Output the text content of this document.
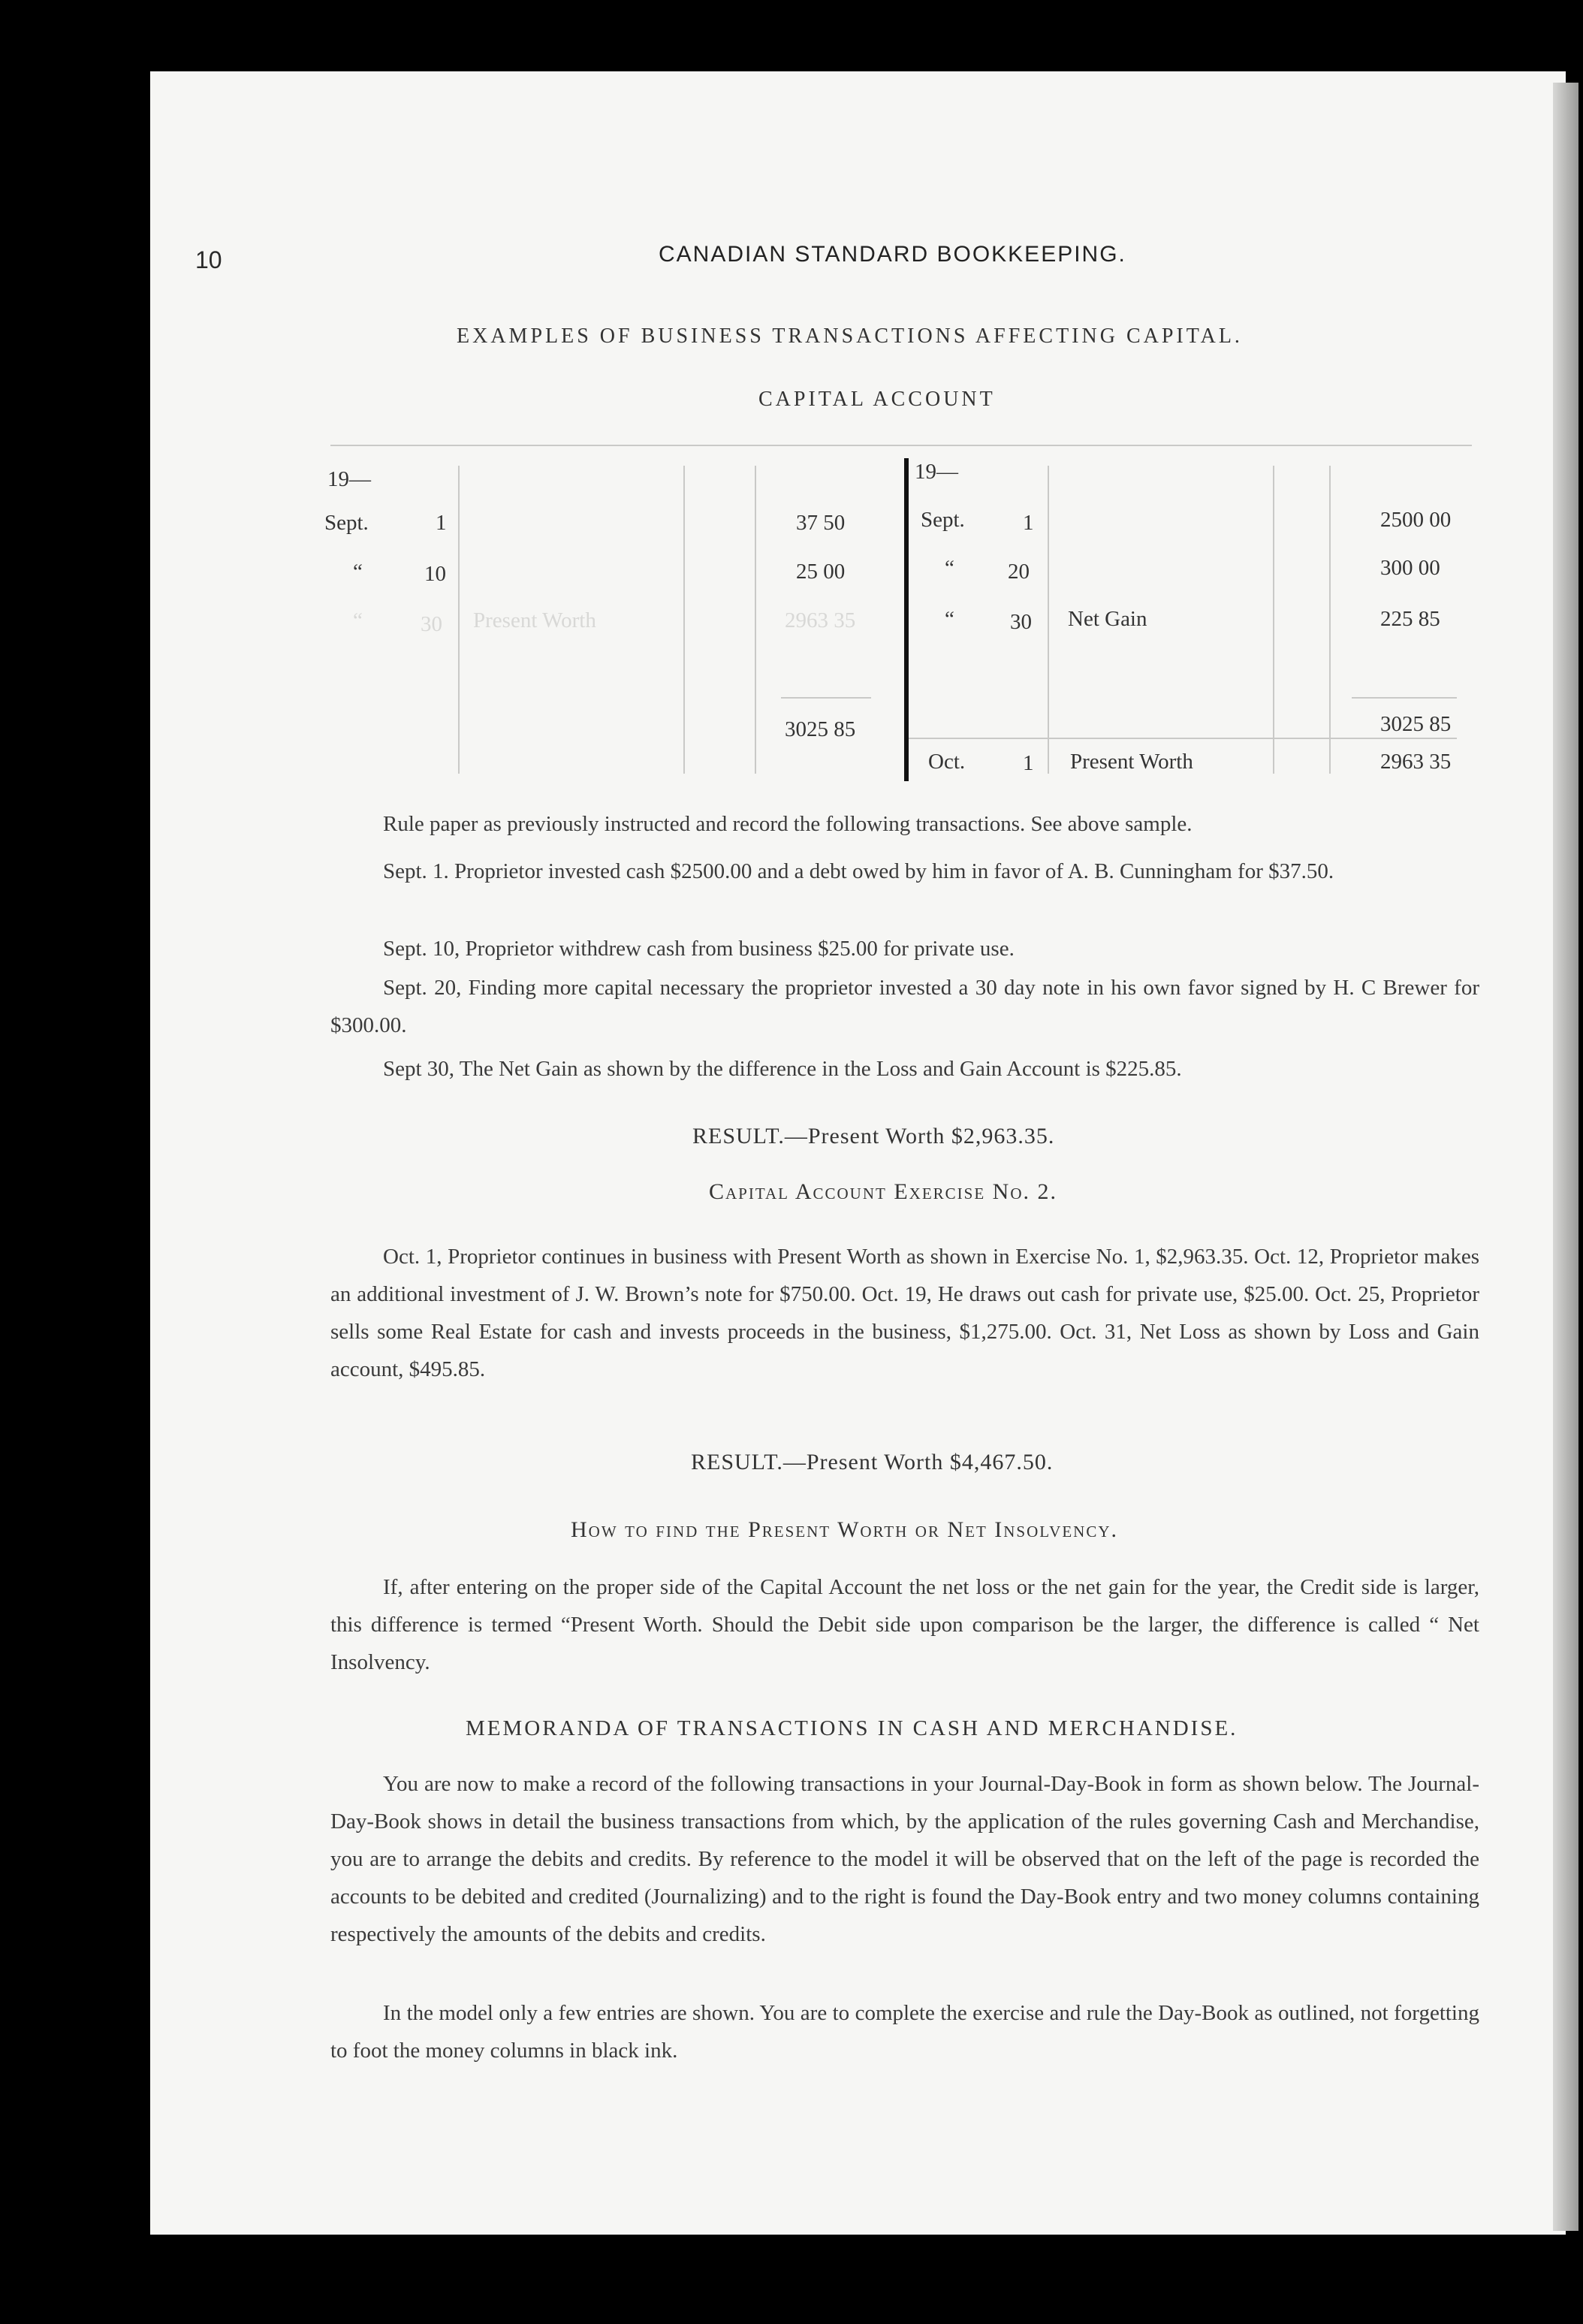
10	CANADIAN STANDARD BOOKKEEPING.
EXAMPLES OF BUSINESS TRANSACTIONS AFFECTING CAPITAL.
CAPITAL ACCOUNT
19—	19—
Sept.	1	37 50
“	10	25 00
“	30 Present Worth	2963 35
3025 85
Sept.	1	2500 00
“ 20	300 00
“	30 Net Gain	225 85
3025 85
Oct.	1 Present Worth	2963 35
Rule paper as previously instructed and record the following transactions. See above sample.
Sept. 1. Proprietor invested cash $2500.00 and a debt owed by him in favor of A. B. Cunningham for $37.50.
Sept. 10, Proprietor withdrew cash from business $25.00 for private use.
Sept. 20, Finding more capital necessary the proprietor invested a 30 day note in his own favor signed by H. C Brewer for $300.00.
Sept 30, The Net Gain as shown by the difference in the Loss and Gain Account is $225.85.
RESULT.—Present Worth $2,963.35.
Capital Account Exercise No. 2.
Oct. 1, Proprietor continues in business with Present Worth as shown in Exercise No. 1, $2,963.35. Oct. 12, Proprietor makes an additional investment of J. W. Brown’s note for $750.00. Oct. 19, He draws out cash for private use, $25.00. Oct. 25, Proprietor sells some Real Estate for cash and invests proceeds in the business, $1,275.00. Oct. 31, Net Loss as shown by Loss and Gain account, $495.85.
RESULT.—Present Worth $4,467.50.
How to find the Present Worth or Net Insolvency.
If, after entering on the proper side of the Capital Account the net loss or the net gain for the year, the Credit side is larger, this difference is termed “Present Worth. Should the Debit side upon comparison be the larger, the difference is called “ Net Insolvency.
MEMORANDA OF TRANSACTIONS IN CASH AND MERCHANDISE.
You are now to make a record of the following transactions in your Journal-Day-Book in form as shown below. The Journal-Day-Book shows in detail the business transactions from which, by the application of the rules governing Cash and Merchandise, you are to arrange the debits and credits. By reference to the model it will be observed that on the left of the page is recorded the accounts to be debited and credited (Journalizing) and to the right is found the Day-Book entry and two money columns containing respectively the amounts of the debits and credits.
In the model only a few entries are shown. You are to complete the exercise and rule the Day-Book as outlined, not forgetting to foot the money columns in black ink.
